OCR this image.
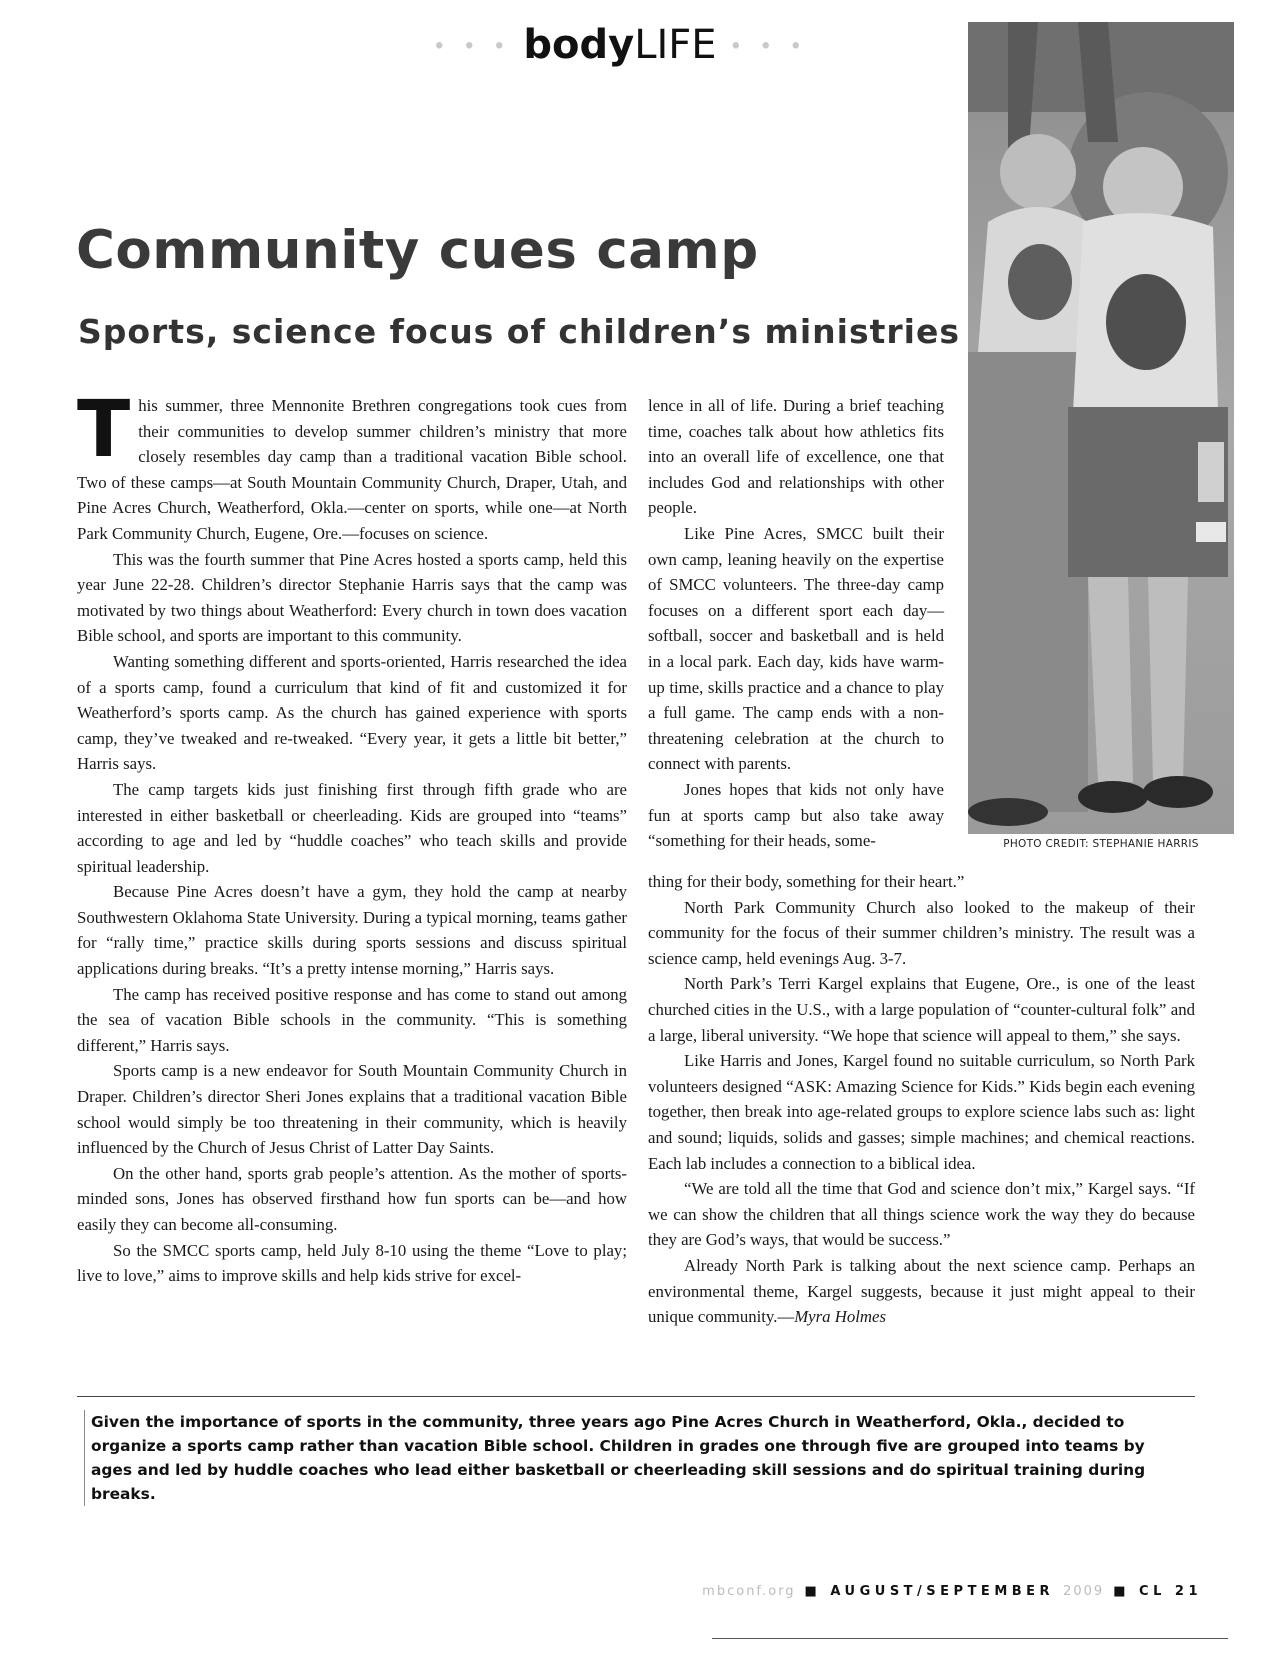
• • • bodyLIFE • • •
Community cues camp
Sports, science focus of children’s ministries

This summer, three Mennonite Brethren congregations took cues from their communities to develop summer children’s ministry that more closely resembles day camp than a traditional vacation Bible school. Two of these camps—at South Mountain Community Church, Draper, Utah, and Pine Acres Church, Weatherford, Okla.—center on sports, while one—at North Park Community Church, Eugene, Ore.—focuses on science.

This was the fourth summer that Pine Acres hosted a sports camp, held this year June 22-28. Children’s director Stephanie Harris says that the camp was motivated by two things about Weatherford: Every church in town does vacation Bible school, and sports are important to this community.

Wanting something different and sports-oriented, Harris researched the idea of a sports camp, found a curriculum that kind of fit and customized it for Weatherford’s sports camp. As the church has gained experience with sports camp, they’ve tweaked and re-tweaked. “Every year, it gets a little bit better,” Harris says.

The camp targets kids just finishing first through fifth grade who are interested in either basketball or cheerleading. Kids are grouped into “teams” according to age and led by “huddle coaches” who teach skills and provide spiritual leadership.

Because Pine Acres doesn’t have a gym, they hold the camp at nearby Southwestern Oklahoma State University. During a typical morning, teams gather for “rally time,” practice skills during sports sessions and discuss spiritual applications during breaks. “It’s a pretty intense morning,” Harris says.

The camp has received positive response and has come to stand out among the sea of vacation Bible schools in the community. “This is something different,” Harris says.

Sports camp is a new endeavor for South Mountain Community Church in Draper. Children’s director Sheri Jones explains that a traditional vacation Bible school would simply be too threatening in their community, which is heavily influenced by the Church of Jesus Christ of Latter Day Saints.

On the other hand, sports grab people’s attention. As the mother of sports-minded sons, Jones has observed firsthand how fun sports can be—and how easily they can become all-consuming.

So the SMCC sports camp, held July 8-10 using the theme “Love to play; live to love,” aims to improve skills and help kids strive for excel-

lence in all of life. During a brief teaching time, coaches talk about how athletics fits into an overall life of excellence, one that includes God and relationships with other people.

Like Pine Acres, SMCC built their own camp, leaning heavily on the expertise of SMCC volunteers. The three-day camp focuses on a different sport each day—softball, soccer and basketball and is held in a local park. Each day, kids have warm-up time, skills practice and a chance to play a full game. The camp ends with a non-threatening celebration at the church to connect with parents.

Jones hopes that kids not only have fun at sports camp but also take away “something for their heads, some-

thing for their body, something for their heart.”

North Park Community Church also looked to the makeup of their community for the focus of their summer children’s ministry. The result was a science camp, held evenings Aug. 3-7.

North Park’s Terri Kargel explains that Eugene, Ore., is one of the least churched cities in the U.S., with a large population of “counter-cultural folk” and a large, liberal university. “We hope that science will appeal to them,” she says.

Like Harris and Jones, Kargel found no suitable curriculum, so North Park volunteers designed “ASK: Amazing Science for Kids.” Kids begin each evening together, then break into age-related groups to explore science labs such as: light and sound; liquids, solids and gasses; simple machines; and chemical reactions. Each lab includes a connection to a biblical idea.

“We are told all the time that God and science don’t mix,” Kargel says. “If we can show the children that all things science work the way they do because they are God’s ways, that would be success.”

Already North Park is talking about the next science camp. Perhaps an environmental theme, Kargel suggests, because it just might appeal to their unique community.—Myra Holmes

PHOTO CREDIT: STEPHANIE HARRIS
Given the importance of sports in the community, three years ago Pine Acres Church in Weatherford, Okla., decided to organize a sports camp rather than vacation Bible school. Children in grades one through five are grouped into teams by ages and led by huddle coaches who lead either basketball or cheerleading skill sessions and do spiritual training during breaks.
mbconf.org ■ AUGUST/SEPTEMBER 2009 ■ CL 21
